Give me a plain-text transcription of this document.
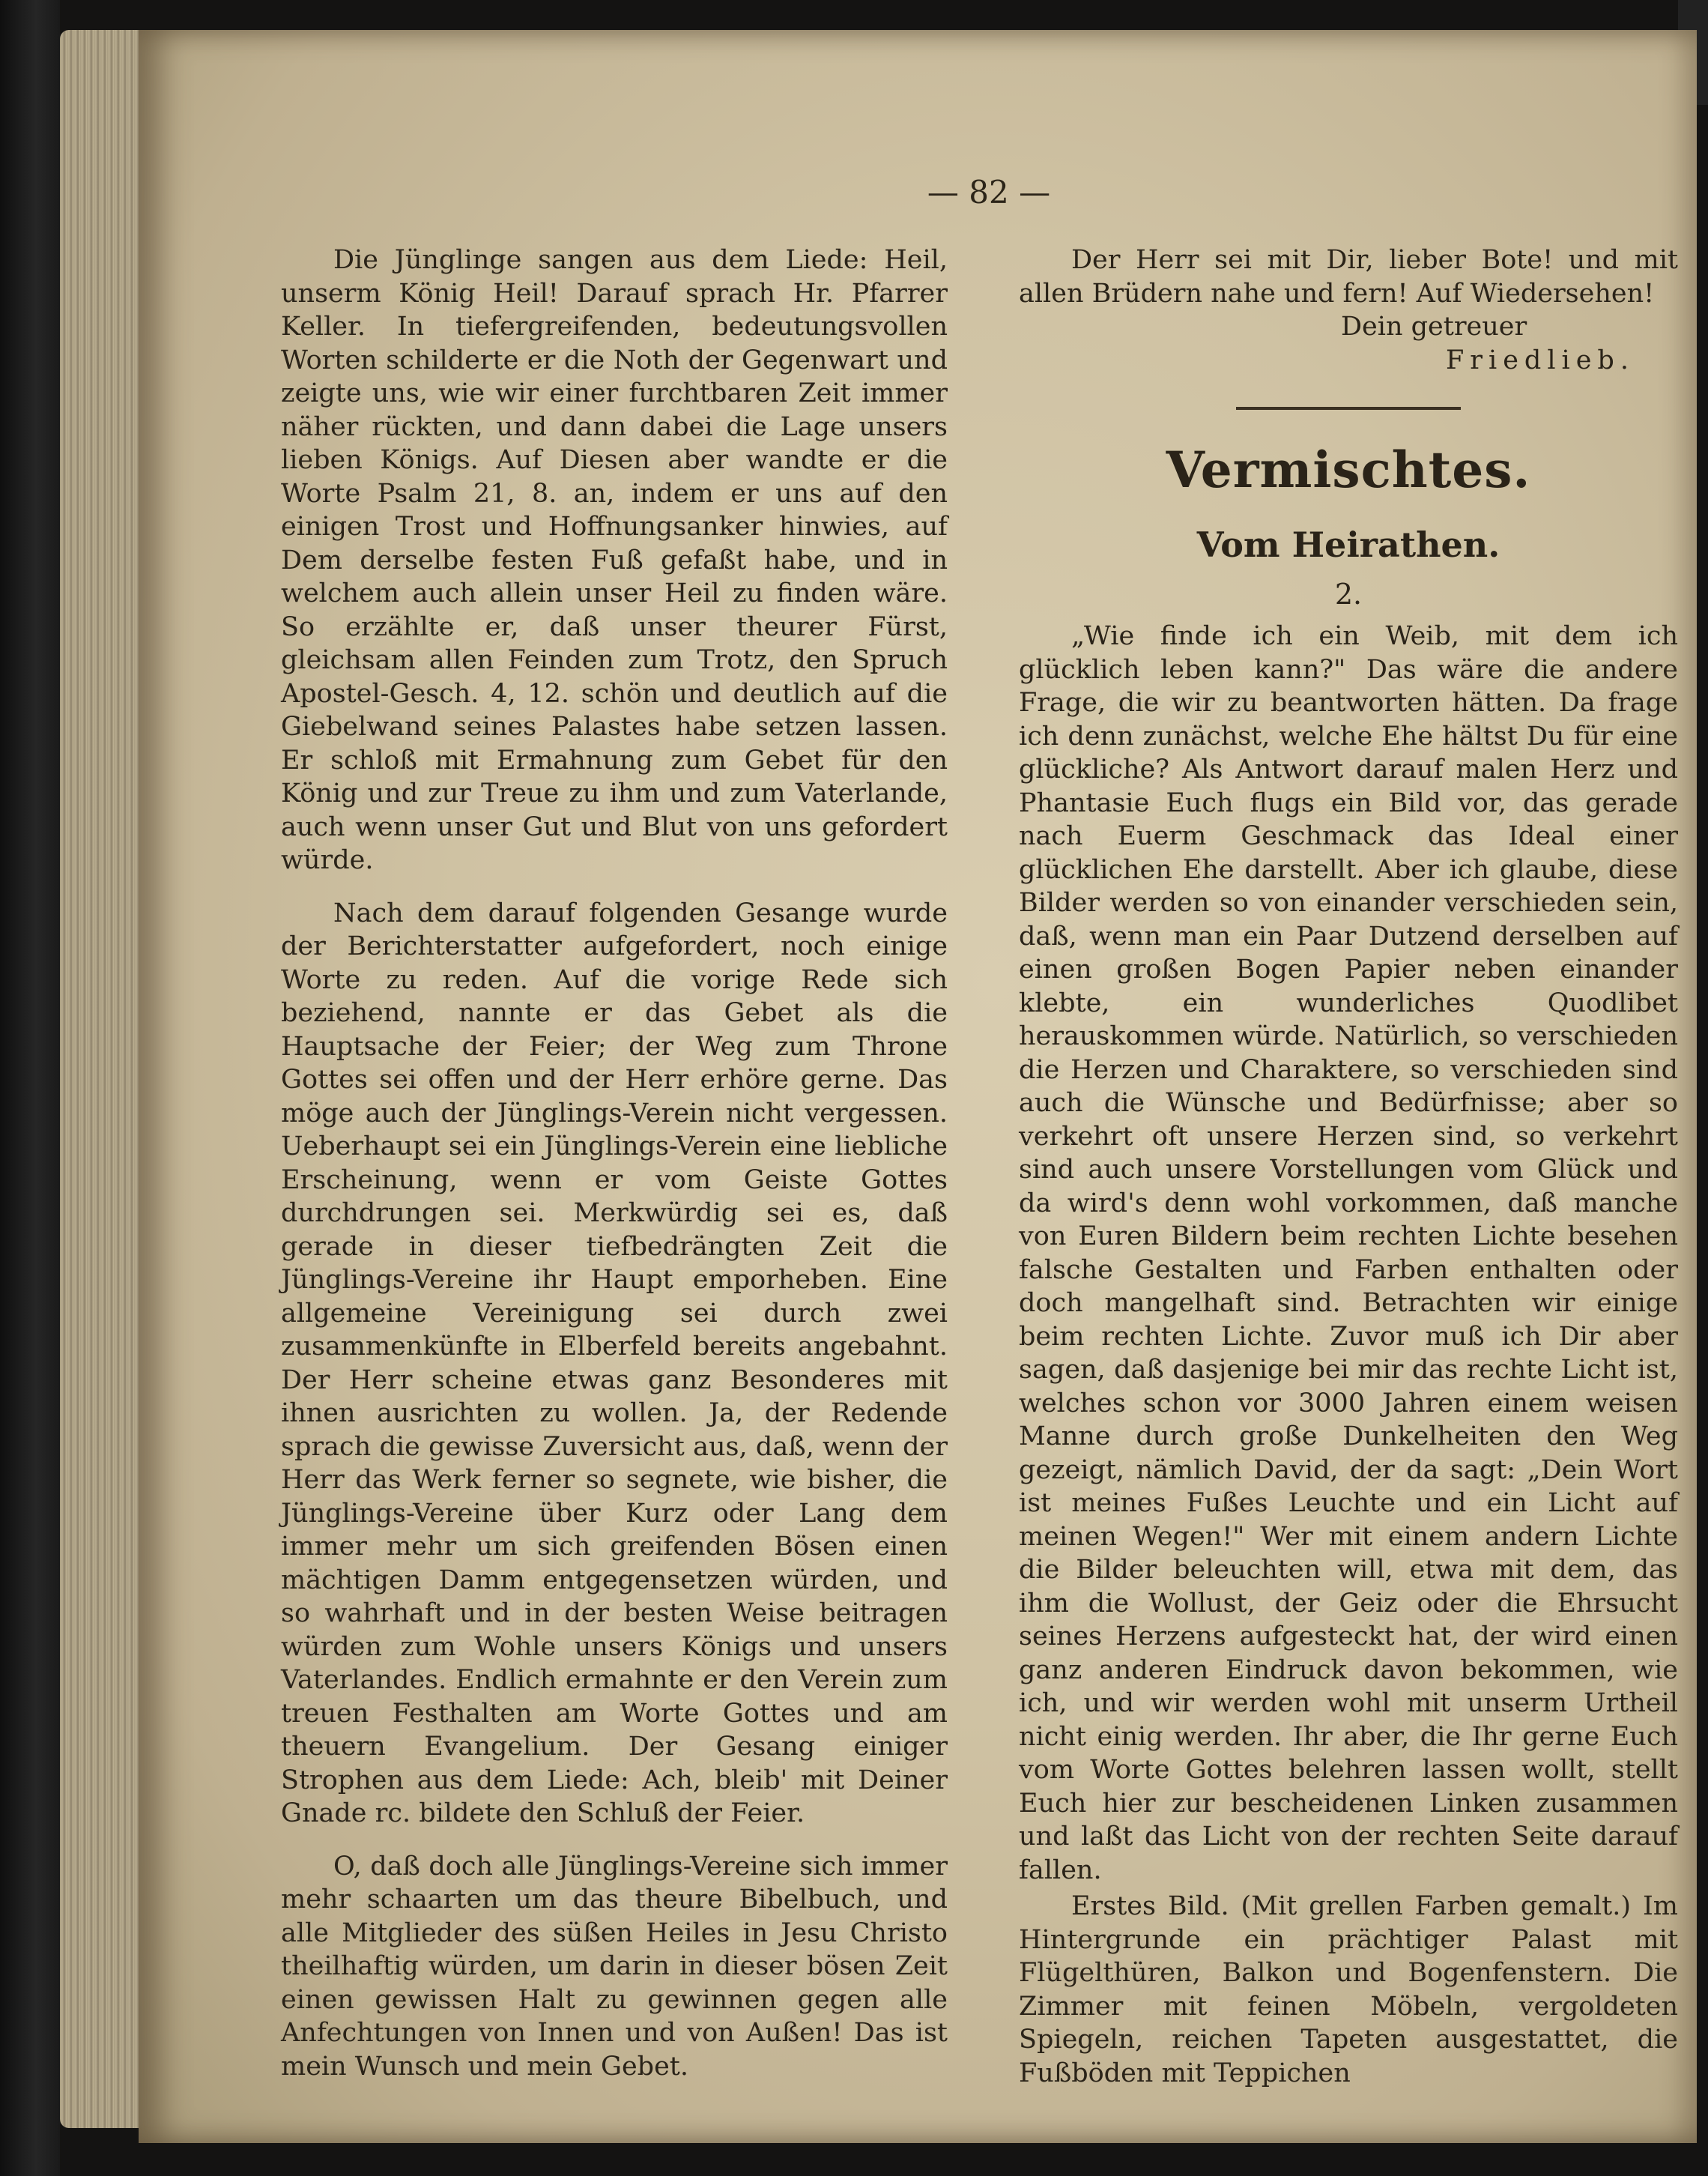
— 82 —

Die Jünglinge sangen aus dem Liede: Heil, unserm König Heil! Darauf sprach Hr. Pfarrer Keller. In tiefergreifenden, bedeutungsvollen Worten schilderte er die Noth der Gegenwart und zeigte uns, wie wir einer furchtbaren Zeit immer näher rückten, und dann dabei die Lage unsers lieben Königs. Auf Diesen aber wandte er die Worte Psalm 21, 8. an, indem er uns auf den einigen Trost und Hoffnungsanker hinwies, auf Dem derselbe festen Fuß gefaßt habe, und in welchem auch allein unser Heil zu finden wäre. So erzählte er, daß unser theurer Fürst, gleichsam allen Feinden zum Trotz, den Spruch Apostel-Gesch. 4, 12. schön und deutlich auf die Giebelwand seines Palastes habe setzen lassen. Er schloß mit Ermahnung zum Gebet für den König und zur Treue zu ihm und zum Vaterlande, auch wenn unser Gut und Blut von uns gefordert würde.

Nach dem darauf folgenden Gesange wurde der Berichterstatter aufgefordert, noch einige Worte zu reden. Auf die vorige Rede sich beziehend, nannte er das Gebet als die Hauptsache der Feier; der Weg zum Throne Gottes sei offen und der Herr erhöre gerne. Das möge auch der Jünglings-Verein nicht vergessen. Ueberhaupt sei ein Jünglings-Verein eine liebliche Erscheinung, wenn er vom Geiste Gottes durchdrungen sei. Merkwürdig sei es, daß gerade in dieser tiefbedrängten Zeit die Jünglings-Vereine ihr Haupt emporheben. Eine allgemeine Vereinigung sei durch zwei zusammenkünfte in Elberfeld bereits angebahnt. Der Herr scheine etwas ganz Besonderes mit ihnen ausrichten zu wollen. Ja, der Redende sprach die gewisse Zuversicht aus, daß, wenn der Herr das Werk ferner so segnete, wie bisher, die Jünglings-Vereine über Kurz oder Lang dem immer mehr um sich greifenden Bösen einen mächtigen Damm entgegensetzen würden, und so wahrhaft und in der besten Weise beitragen würden zum Wohle unsers Königs und unsers Vaterlandes. Endlich ermahnte er den Verein zum treuen Festhalten am Worte Gottes und am theuern Evangelium. Der Gesang einiger Strophen aus dem Liede: Ach, bleib' mit Deiner Gnade rc. bildete den Schluß der Feier.

O, daß doch alle Jünglings-Vereine sich immer mehr schaarten um das theure Bibelbuch, und alle Mitglieder des süßen Heiles in Jesu Christo theilhaftig würden, um darin in dieser bösen Zeit einen gewissen Halt zu gewinnen gegen alle Anfechtungen von Innen und von Außen! Das ist mein Wunsch und mein Gebet.

Der Herr sei mit Dir, lieber Bote! und mit allen Brüdern nahe und fern! Auf Wiedersehen!

Dein getreuer
Friedlieb.
Vermischtes.
Vom Heirathen.
2.

„Wie finde ich ein Weib, mit dem ich glücklich leben kann?" Das wäre die andere Frage, die wir zu beantworten hätten. Da frage ich denn zunächst, welche Ehe hältst Du für eine glückliche? Als Antwort darauf malen Herz und Phantasie Euch flugs ein Bild vor, das gerade nach Euerm Geschmack das Ideal einer glücklichen Ehe darstellt. Aber ich glaube, diese Bilder werden so von einander verschieden sein, daß, wenn man ein Paar Dutzend derselben auf einen großen Bogen Papier neben einander klebte, ein wunderliches Quodlibet herauskommen würde. Natürlich, so verschieden die Herzen und Charaktere, so verschieden sind auch die Wünsche und Bedürfnisse; aber so verkehrt oft unsere Herzen sind, so verkehrt sind auch unsere Vorstellungen vom Glück und da wird's denn wohl vorkommen, daß manche von Euren Bildern beim rechten Lichte besehen falsche Gestalten und Farben enthalten oder doch mangelhaft sind. Betrachten wir einige beim rechten Lichte. Zuvor muß ich Dir aber sagen, daß dasjenige bei mir das rechte Licht ist, welches schon vor 3000 Jahren einem weisen Manne durch große Dunkelheiten den Weg gezeigt, nämlich David, der da sagt: „Dein Wort ist meines Fußes Leuchte und ein Licht auf meinen Wegen!" Wer mit einem andern Lichte die Bilder beleuchten will, etwa mit dem, das ihm die Wollust, der Geiz oder die Ehrsucht seines Herzens aufgesteckt hat, der wird einen ganz anderen Eindruck davon bekommen, wie ich, und wir werden wohl mit unserm Urtheil nicht einig werden. Ihr aber, die Ihr gerne Euch vom Worte Gottes belehren lassen wollt, stellt Euch hier zur bescheidenen Linken zusammen und laßt das Licht von der rechten Seite darauf fallen.

Erstes Bild. (Mit grellen Farben gemalt.) Im Hintergrunde ein prächtiger Palast mit Flügelthüren, Balkon und Bogenfenstern. Die Zimmer mit feinen Möbeln, vergoldeten Spiegeln, reichen Tapeten ausgestattet, die Fußböden mit Teppichen
